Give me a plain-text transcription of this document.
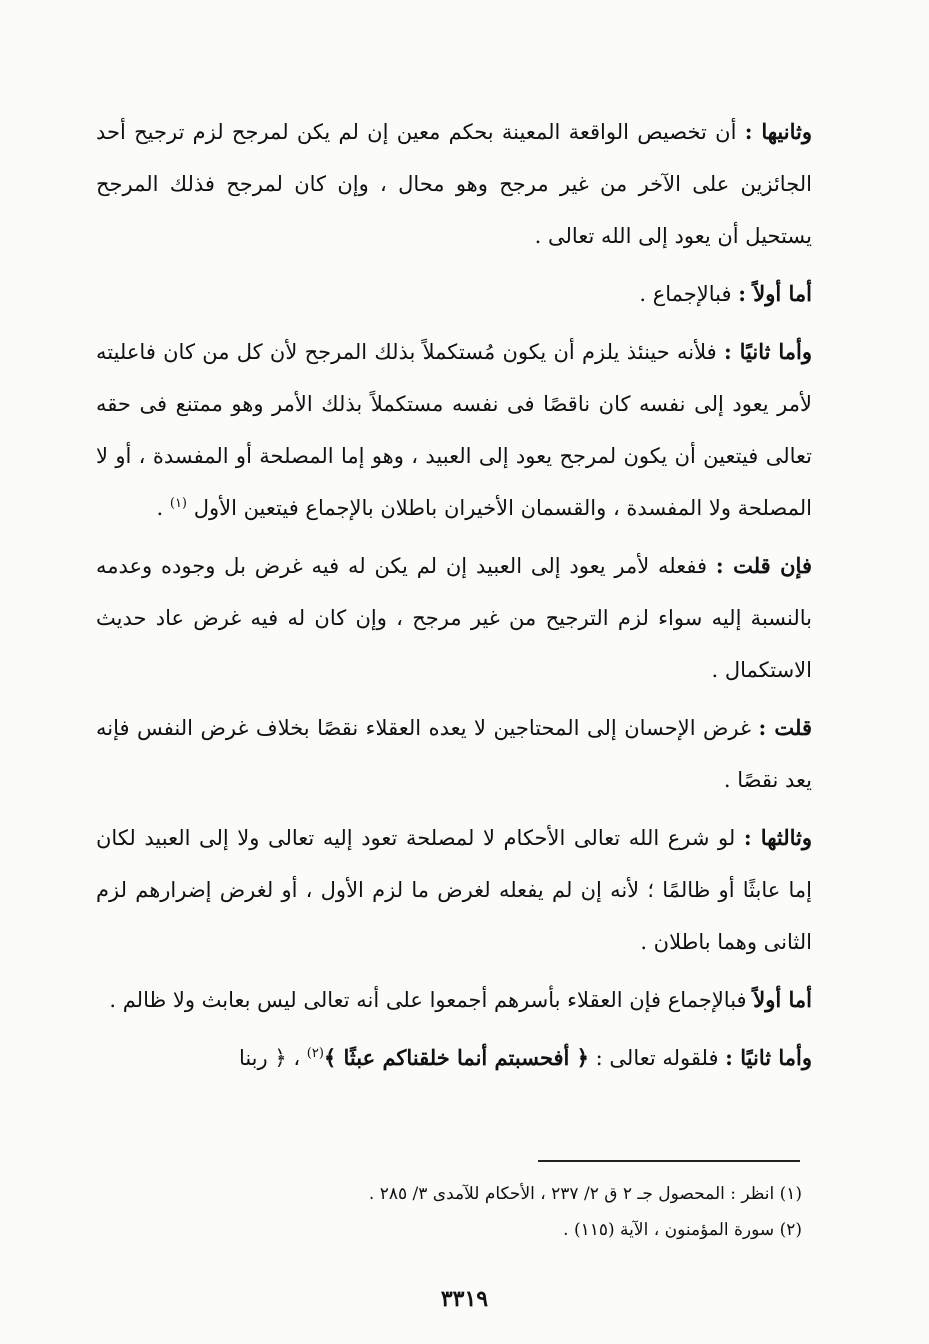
وثانيها : أن تخصيص الواقعة المعينة بحكم معين إن لم يكن لمرجح لزم ترجيح أحد الجائزين على الآخر من غير مرجح وهو محال ، وإن كان لمرجح فذلك المرجح يستحيل أن يعود إلى الله تعالى .

أما أولاً : فبالإجماع .

وأما ثانيًا : فلأنه حينئذ يلزم أن يكون مُستكملاً بذلك المرجح لأن كل من كان فاعليته لأمر يعود إلى نفسه كان ناقصًا فى نفسه مستكملاً بذلك الأمر وهو ممتنع فى حقه تعالى فيتعين أن يكون لمرجح يعود إلى العبيد ، وهو إما المصلحة أو المفسدة ، أو لا المصلحة ولا المفسدة ، والقسمان الأخيران باطلان بالإجماع فيتعين الأول $^{(١)}$ .

فإن قلت : ففعله لأمر يعود إلى العبيد إن لم يكن له فيه غرض بل وجوده وعدمه بالنسبة إليه سواء لزم الترجيح من غير مرجح ، وإن كان له فيه غرض عاد حديث الاستكمال .

قلت : غرض الإحسان إلى المحتاجين لا يعده العقلاء نقصًا بخلاف غرض النفس فإنه يعد نقصًا .

وثالثها : لو شرع الله تعالى الأحكام لا لمصلحة تعود إليه تعالى ولا إلى العبيد لكان إما عابثًا أو ظالمًا ؛ لأنه إن لم يفعله لغرض ما لزم الأول ، أو لغرض إضرارهم لزم الثانى وهما باطلان .

أما أولاً فبالإجماع فإن العقلاء بأسرهم أجمعوا على أنه تعالى ليس بعابث ولا ظالم .

وأما ثانيًا : فلقوله تعالى : ﴿ أفحسبتم أنما خلقناكم عبثًا ﴾$^{(٢)}$ ، ﴿ ربنا

(١) انظر : المحصول جـ ٢ ق ٢/ ٢٣٧ ، الأحكام للآمدى ٣/ ٢٨٥ .

(٢) سورة المؤمنون ، الآية (١١٥) .

٣٣١٩
